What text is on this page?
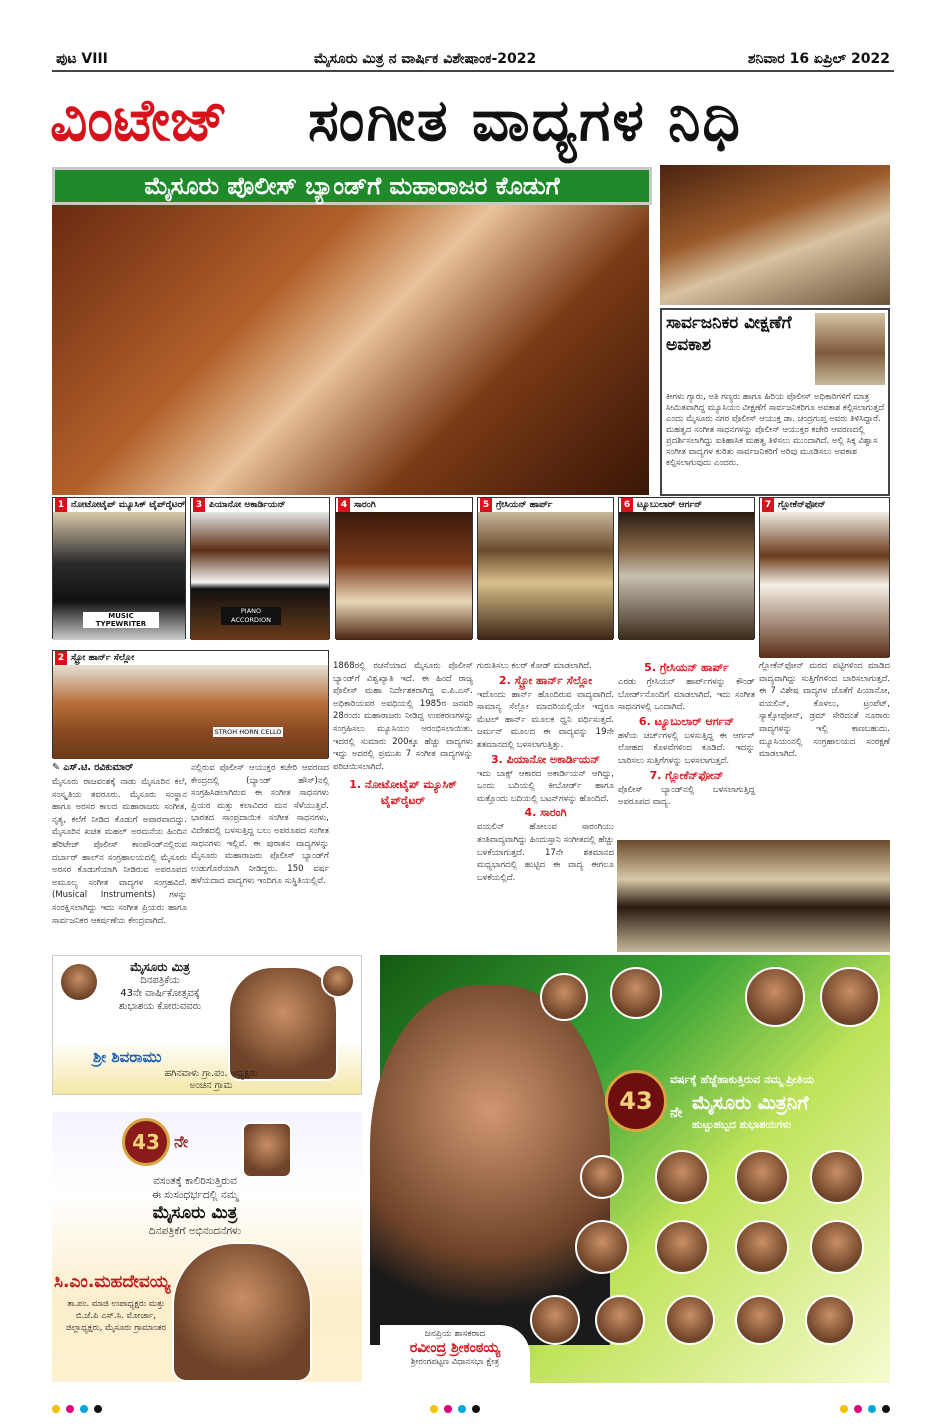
ಪುಟ VIII	ಮೈಸೂರು ಮಿತ್ರ ನ ವಾರ್ಷಿಕ ವಿಶೇಷಾಂಕ-2022	ಶನಿವಾರ 16 ಏಪ್ರಿಲ್ 2022
ವಿಂಟೇಜ್	ಸಂಗೀತ ವಾದ್ಯಗಳ ನಿಧಿ
ಮೈಸೂರು ಪೊಲೀಸ್ ಬ್ಯಾಂಡ್‌ಗೆ ಮಹಾರಾಜರ ಕೊಡುಗೆ
ಸಾರ್ವಜನಿಕರ ವೀಕ್ಷಣೆಗೆ ಅವಕಾಶ
ಕೀಗಳು ಗ್ಯಾರು, ಅತಿ ಗಣ್ಯರು ಹಾಗೂ ಹಿರಿಯ ಪೊಲೀಸ್ ಅಧಿಕಾರಿಗಳಿಗೆ ಮಾತ್ರ ಸೀಮಿತವಾಗಿದ್ದ ಮ್ಯೂಸಿಯಂ ವೀಕ್ಷಣೆಗೆ ಸಾರ್ವಜನಿಕರಿಗೂ ಅವಕಾಶ ಕಲ್ಪಿಸಲಾಗುತ್ತದೆ ಎಂದು ಮೈಸೂರು ನಗರ ಪೊಲೀಸ್ ಆಯುಕ್ತ ಡಾ. ಚಂದ್ರಗುಪ್ತ ಅವರು ತಿಳಿಸಿದ್ದಾರೆ. ಮಹತ್ವದ ಸಂಗೀತ ಸಾಧನಗಳನ್ನು ಪೊಲೀಸ್ ಆಯುಕ್ತರ ಕಚೇರಿ ಆವರಣದಲ್ಲಿ ಪ್ರದರ್ಶಿಸಲಾಗಿದ್ದು ಐತಿಹಾಸಿಕ ಮಹತ್ವ ತಿಳಿಸಲು ಮುಂದಾಗಿದೆ. ಅಲ್ಲಿ ಸಿಕ್ಕ ವಿಶ್ವಾಸ ಸಂಗೀತ ವಾದ್ಯಗಳ ಕುರಿತು ಸಾರ್ವಜನಿಕರಿಗೆ ಅರಿವು ಮೂಡಿಸಲು ಅವಕಾಶ ಕಲ್ಪಿಸಲಾಗುವುದು ಎಂದರು.
1 ನೋಟೋಟೈಪ್ ಮ್ಯೂಸಿಕ್ ಟೈಪ್‌ರೈಟರ್
MUSIC TYPEWRITER
3 ಪಿಯಾನೋ ಅಕಾರ್ಡಿಯನ್
PIANO ACCORDION
4 ಸಾರಂಗಿ	5 ಗ್ರೇಸಿಯನ್ ಹಾರ್ಪ್	6 ಟ್ಯೂಬುಲಾರ್ ಆರ್ಗನ್	7 ಗ್ಲೋಕೆನ್‌ಫೋನ್
2 ಸ್ಟ್ರೋ ಹಾರ್ನ್ ಸೆಲ್ಲೋ
STROH HORN CELLO
✎ ಎಸ್.ಟಿ. ರವಿಕುಮಾರ್
ಮೈಸೂರು ರಾಜವಂಶಕ್ಕೆ ನಾಡು ಮೈಸೂರಿನ ಕಲೆ, ಸಂಸ್ಕೃತಿಯ ತವರೂರು. ಮೈಸೂರು ಸಂಸ್ಥಾನ ಹಾಗೂ ಅರಸರ ಕಾಲದ ಮಹಾರಾಜರು ಸಂಗೀತ, ನೃತ್ಯ, ಕಲೆಗೆ ನೀಡಿದ ಕೊಡುಗೆ ಅಪಾರವಾದದ್ದು. ಮೈಸೂರಿನ ಖಚಿತ ಮಹಲ್ ಅರಮನೆಯ ಹಿಂದಿನ ಹೆರಿಟೇಜ್ ಪೊಲೀಸ್ ಕಾಂಪೌಂಡ್‌ನಲ್ಲಿರುವ ದರ್ಬಾರ್ ಹಾಲ್‌ನ ಸಂಗ್ರಹಾಲಯದಲ್ಲಿ ಮೈಸೂರು ಅರಸರ ಕೊಡುಗೆಯಾಗಿ ನೀಡಿರುವ ಅಪರೂಪದ ಅಮೂಲ್ಯ ಸಂಗೀತ ವಾದ್ಯಗಳ ಸಂಗ್ರಹವಿದೆ. (Musical Instruments) ಗಳನ್ನು ಸಂರಕ್ಷಿಸಲಾಗಿದ್ದು ಇದು ಸಂಗೀತ ಪ್ರಿಯರು ಹಾಗೂ ಸಾರ್ವಜನಿಕರ ಆಕರ್ಷಣೆಯ ಕೇಂದ್ರವಾಗಿದೆ.
ನಲ್ಲಿರುವ ಪೊಲೀಸ್ ಆಯುಕ್ತರ ಕಚೇರಿ ಆವರಣದ ಕೇಂದ್ರದಲ್ಲಿ (ಬ್ಯಾಂಡ್ ಹೌಸ್)ನಲ್ಲಿ ಸಂಗ್ರಹಿಸಿಡಲಾಗಿರುವ ಈ ಸಂಗೀತ ಸಾಧನಗಳು ಪ್ರಿಯರ ಮತ್ತು ಕಲಾವಿದರ ಮನ ಸೆಳೆಯುತ್ತಿವೆ. ಭಾರತದ ಸಾಂಪ್ರದಾಯಿಕ ಸಂಗೀತ ಸಾಧನಗಳು, ವಿದೇಶದಲ್ಲಿ ಬಳಸುತ್ತಿದ್ದ ಬಲು ಅಪರೂಪದ ಸಂಗೀತ ಸಾಧನಗಳು ಇಲ್ಲಿವೆ. ಈ ಪುರಾತನ ವಾದ್ಯಗಳನ್ನು ಮೈಸೂರು ಮಹಾರಾಜರು ಪೊಲೀಸ್ ಬ್ಯಾಂಡ್‌ಗೆ ಉಡುಗೊರೆಯಾಗಿ ನೀಡಿದ್ದರು. 150 ವರ್ಷ ಹಳೆಯದಾದ ವಾದ್ಯಗಳು ಇಂದಿಗೂ ಸುಸ್ಥಿತಿಯಲ್ಲಿವೆ.
1868ರಲ್ಲಿ ರಚನೆಯಾದ ಮೈಸೂರು ಪೊಲೀಸ್ ಬ್ಯಾಂಡ್‌ಗೆ ವಿಶ್ವಖ್ಯಾತಿ ಇದೆ. ಈ ಹಿಂದೆ ರಾಜ್ಯ ಪೊಲೀಸ್ ಮಹಾ ನಿರ್ದೇಶಕರಾಗಿದ್ದ ಐ.ಪಿ.ಎಸ್. ಅಧಿಕಾರಿಯವರ ಅವಧಿಯಲ್ಲಿ 1985ರ ಜನವರಿ 28ರಂದು ಮಹಾರಾಜರು ನೀಡಿದ್ದ ಉಪಕರಣಗಳನ್ನು ಸಂಗ್ರಹಿಸಲು ಮ್ಯೂಸಿಯಂ ಆರಂಭಿಸಲಾಯಿತು. ಇದರಲ್ಲಿ ಸುಮಾರು 200ಕ್ಕೂ ಹೆಚ್ಚು ವಾದ್ಯಗಳು ಇದ್ದು ಅದರಲ್ಲಿ ಪ್ರಮುಖ 7 ಸಂಗೀತ ವಾದ್ಯಗಳನ್ನು ಪರಿಚಯಿಸಲಾಗಿದೆ.
1. ನೋಟೋಟೈಪ್ ಮ್ಯೂಸಿಕ್ ಟೈಪ್‌ರೈಟರ್
ಗುರುತಿಸಲು ಕಲರ್ ಕೋಡ್ ಮಾಡಲಾಗಿದೆ.
2. ಸ್ಟ್ರೋ ಹಾರ್ನ್ ಸೆಲ್ಲೋ
ಇದೊಂದು ಹಾರ್ನ್ ಹೊಂದಿರುವ ವಾದ್ಯವಾಗಿದೆ. ಸಾಮಾನ್ಯ ಸೆಲ್ಲೋ ಮಾದರಿಯಲ್ಲಿಯೇ ಇದ್ದರೂ ಮೆಟಲ್ ಹಾರ್ನ್ ಮೂಲಕ ಧ್ವನಿ ವರ್ಧಿಸುತ್ತದೆ. ಜರ್ಮನ್ ಮೂಲದ ಈ ವಾದ್ಯವನ್ನು 19ನೇ ಶತಮಾನದಲ್ಲಿ ಬಳಸಲಾಗುತ್ತಿತ್ತು.
3. ಪಿಯಾನೋ ಅಕಾರ್ಡಿಯನ್
ಇದು ಬಾಕ್ಸ್ ಆಕಾರದ ಅಕಾರ್ಡಿಯನ್ ಆಗಿದ್ದು, ಒಂದು ಬದಿಯಲ್ಲಿ ಕೀಬೋರ್ಡ್ ಹಾಗೂ ಮತ್ತೊಂದು ಬದಿಯಲ್ಲಿ ಬಟನ್‌ಗಳನ್ನು ಹೊಂದಿದೆ.
4. ಸಾರಂಗಿ
ವಯಲಿನ್ ಹೋಲುವ ಸಾರಂಗಿಯು ತಂತಿವಾದ್ಯವಾಗಿದ್ದು ಹಿಂದುಸ್ತಾನಿ ಸಂಗೀತದಲ್ಲಿ ಹೆಚ್ಚು ಬಳಕೆಯಾಗುತ್ತದೆ. 17ನೇ ಶತಮಾನದ ಮಧ್ಯಭಾಗದಲ್ಲಿ ಹುಟ್ಟಿದ ಈ ವಾದ್ಯ ಈಗಲೂ ಬಳಕೆಯಲ್ಲಿದೆ.
5. ಗ್ರೇಸಿಯನ್ ಹಾರ್ಪ್
ಎರಡು ಗ್ರೇಸಿಯನ್ ಹಾರ್ಪ್‌ಗಳನ್ನು ಕೌಂಡ್ ಬೋರ್ಡ್‌ನೊಂದಿಗೆ ಮಾಡಲಾಗಿದೆ. ಇದು ಸಂಗೀತ ಸಾಧನಗಳಲ್ಲಿ ಒಂದಾಗಿದೆ.
6. ಟ್ಯೂಬುಲಾರ್ ಆರ್ಗನ್
ಹಳೆಯ ಚರ್ಚ್‌ಗಳಲ್ಲಿ ಬಳಸುತ್ತಿದ್ದ ಈ ಆರ್ಗನ್ ಲೋಹದ ಕೊಳವೆಗಳಿಂದ ಕೂಡಿದೆ. ಇದನ್ನು ಬಾರಿಸಲು ಸುತ್ತಿಗೆಗಳನ್ನು ಬಳಸಲಾಗುತ್ತದೆ.
7. ಗ್ಲೋಕೆನ್‌ಫೋನ್
ಪೊಲೀಸ್ ಬ್ಯಾಂಡ್‌ನಲ್ಲಿ ಬಳಸಲಾಗುತ್ತಿದ್ದ ಅಪರೂಪದ ವಾದ್ಯ.
ಗ್ಲೋಕೆನ್‌ಫೋನ್ ಮರದ ಪಟ್ಟಿಗಳಿಂದ ಮಾಡಿದ ವಾದ್ಯವಾಗಿದ್ದು ಸುತ್ತಿಗೆಗಳಿಂದ ಬಾರಿಸಲಾಗುತ್ತದೆ. ಈ 7 ವಿಶೇಷ ವಾದ್ಯಗಳ ಜೊತೆಗೆ ಪಿಯಾನೋ, ವಯಲಿನ್, ಕೊಳಲು, ಟ್ರಂಪೆಟ್, ಸ್ಯಾಕ್ಸೋಫೋನ್, ಡ್ರಮ್ ಸೇರಿದಂತೆ ನೂರಾರು ವಾದ್ಯಗಳನ್ನು ಇಲ್ಲಿ ಕಾಣಬಹುದು. ಮ್ಯೂಸಿಯಂನಲ್ಲಿ ಸಂಗ್ರಹಾಲಯದ ಸಂರಕ್ಷಣೆ ಮಾಡಲಾಗಿದೆ.
ಮೈಸೂರು ಮಿತ್ರ
ದಿನಪತ್ರಿಕೆಯ
43ನೇ ವಾರ್ಷಿಕೋತ್ಸವಕ್ಕೆ
ಶುಭಾಶಯ ಕೋರುವವರು
ಶ್ರೀ ಶಿವರಾಮು
ಹಗಿನವಾಳು ಗ್ರಾ.ಪಂ. ಅಧ್ಯಕ್ಷರು
ಅಂಚಿನ ಗ್ರಾಮ
43 ನೇ
ವಸಂತಕ್ಕೆ ಕಾಲಿರಿಸುತ್ತಿರುವ
ಈ ಸುಸಂಧರ್ಭದಲ್ಲಿ ನಮ್ಮ
ಮೈಸೂರು ಮಿತ್ರ
ದಿನಪತ್ರಿಕೆಗೆ ಅಭಿನಂದನೆಗಳು
ಸಿ.ಎಂ.ಮಹದೇವಯ್ಯ
ತಾ.ಪಂ. ಮಾಜಿ ಉಪಾಧ್ಯಕ್ಷರು ಮತ್ತು
ಬಿ.ಜೆ.ಪಿ ಎಸ್.ಸಿ. ಮೋರ್ಚಾ,
ಜಿಲ್ಲಾಧ್ಯಕ್ಷರು, ಮೈಸೂರು ಗ್ರಾಮಾಂತರ
43	ನೇ
ವರ್ಷಕ್ಕೆ ಹೆಜ್ಜೆಹಾಕುತ್ತಿರುವ ನಮ್ಮ ಪ್ರೀತಿಯ
ಮೈಸೂರು ಮಿತ್ರನಿಗೆ
ಹುಟ್ಟುಹಬ್ಬದ ಶುಭಾಶಯಗಳು
ಜನಪ್ರಿಯ ಶಾಸಕರಾದ
ರವೀಂದ್ರ ಶ್ರೀಕಂಠಯ್ಯ
ಶ್ರೀರಂಗಪಟ್ಟಣ ವಿಧಾನಸಭಾ ಕ್ಷೇತ್ರ
